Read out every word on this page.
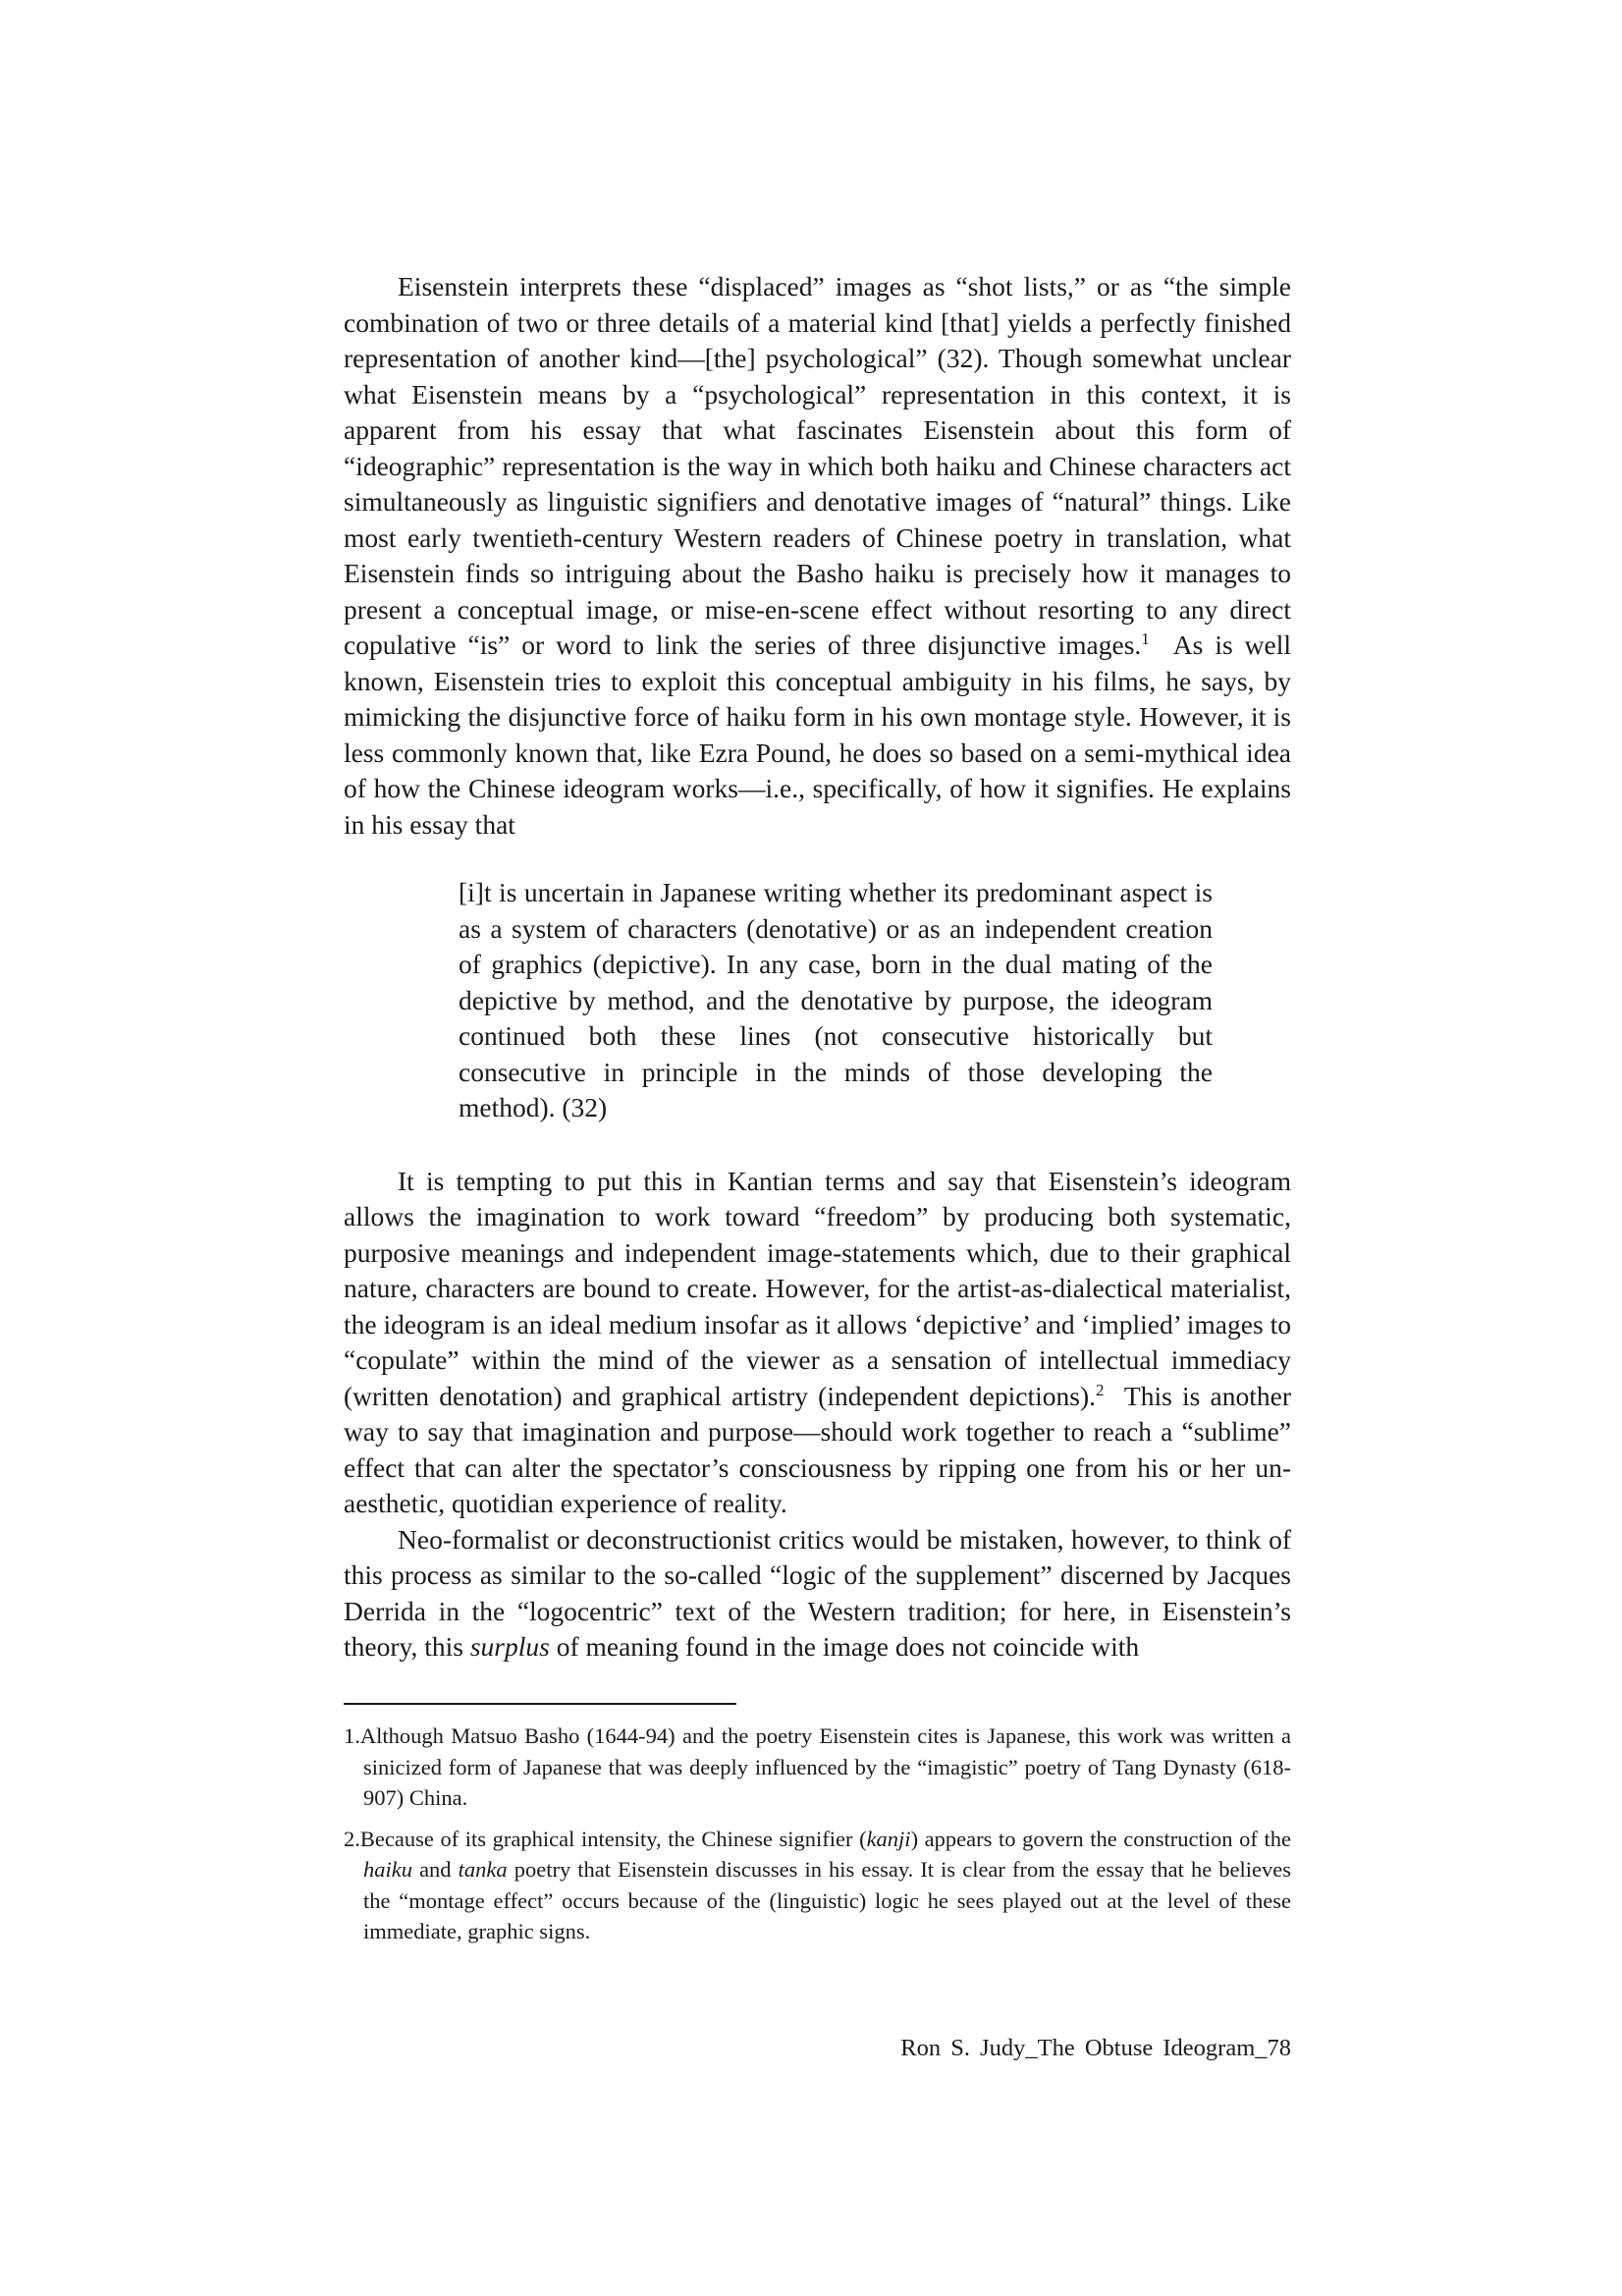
Eisenstein interprets these “displaced” images as “shot lists,” or as “the simple combination of two or three details of a material kind [that] yields a perfectly finished representation of another kind—[the] psychological” (32). Though somewhat unclear what Eisenstein means by a “psychological” representation in this context, it is apparent from his essay that what fascinates Eisenstein about this form of “ideographic” representation is the way in which both haiku and Chinese characters act simultaneously as linguistic signifiers and denotative images of “natural” things. Like most early twentieth-century Western readers of Chinese poetry in translation, what Eisenstein finds so intriguing about the Basho haiku is precisely how it manages to present a conceptual image, or mise-en-scene effect without resorting to any direct copulative “is” or word to link the series of three disjunctive images.$^1$  As is well known, Eisenstein tries to exploit this conceptual ambiguity in his films, he says, by mimicking the disjunctive force of haiku form in his own montage style. However, it is less commonly known that, like Ezra Pound, he does so based on a semi-mythical idea of how the Chinese ideogram works—i.e., specifically, of how it signifies. He explains in his essay that

[i]t is uncertain in Japanese writing whether its predominant aspect is as a system of characters (denotative) or as an independent creation of graphics (depictive). In any case, born in the dual mating of the depictive by method, and the denotative by purpose, the ideogram continued both these lines (not consecutive historically but consecutive in principle in the minds of those developing the method). (32)

It is tempting to put this in Kantian terms and say that Eisenstein’s ideogram allows the imagination to work toward “freedom” by producing both systematic, purposive meanings and independent image-statements which, due to their graphical nature, characters are bound to create. However, for the artist-as-dialectical materialist, the ideogram is an ideal medium insofar as it allows ‘depictive’ and ‘implied’ images to “copulate” within the mind of the viewer as a sensation of intellectual immediacy (written denotation) and graphical artistry (independent depictions).$^2$  This is another way to say that imagination and purpose—should work together to reach a “sublime” effect that can alter the spectator’s consciousness by ripping one from his or her un-aesthetic, quotidian experience of reality.

Neo-formalist or deconstructionist critics would be mistaken, however, to think of this process as similar to the so-called “logic of the supplement” discerned by Jacques Derrida in the “logocentric” text of the Western tradition; for here, in Eisenstein’s theory, this surplus of meaning found in the image does not coincide with

1.Although Matsuo Basho (1644-94) and the poetry Eisenstein cites is Japanese, this work was written a sinicized form of Japanese that was deeply influenced by the “imagistic” poetry of Tang Dynasty (618-907) China.

2.Because of its graphical intensity, the Chinese signifier (kanji) appears to govern the construction of the haiku and tanka poetry that Eisenstein discusses in his essay. It is clear from the essay that he believes the “montage effect” occurs because of the (linguistic) logic he sees played out at the level of these immediate, graphic signs.

Ron S. Judy_The Obtuse Ideogram_78
